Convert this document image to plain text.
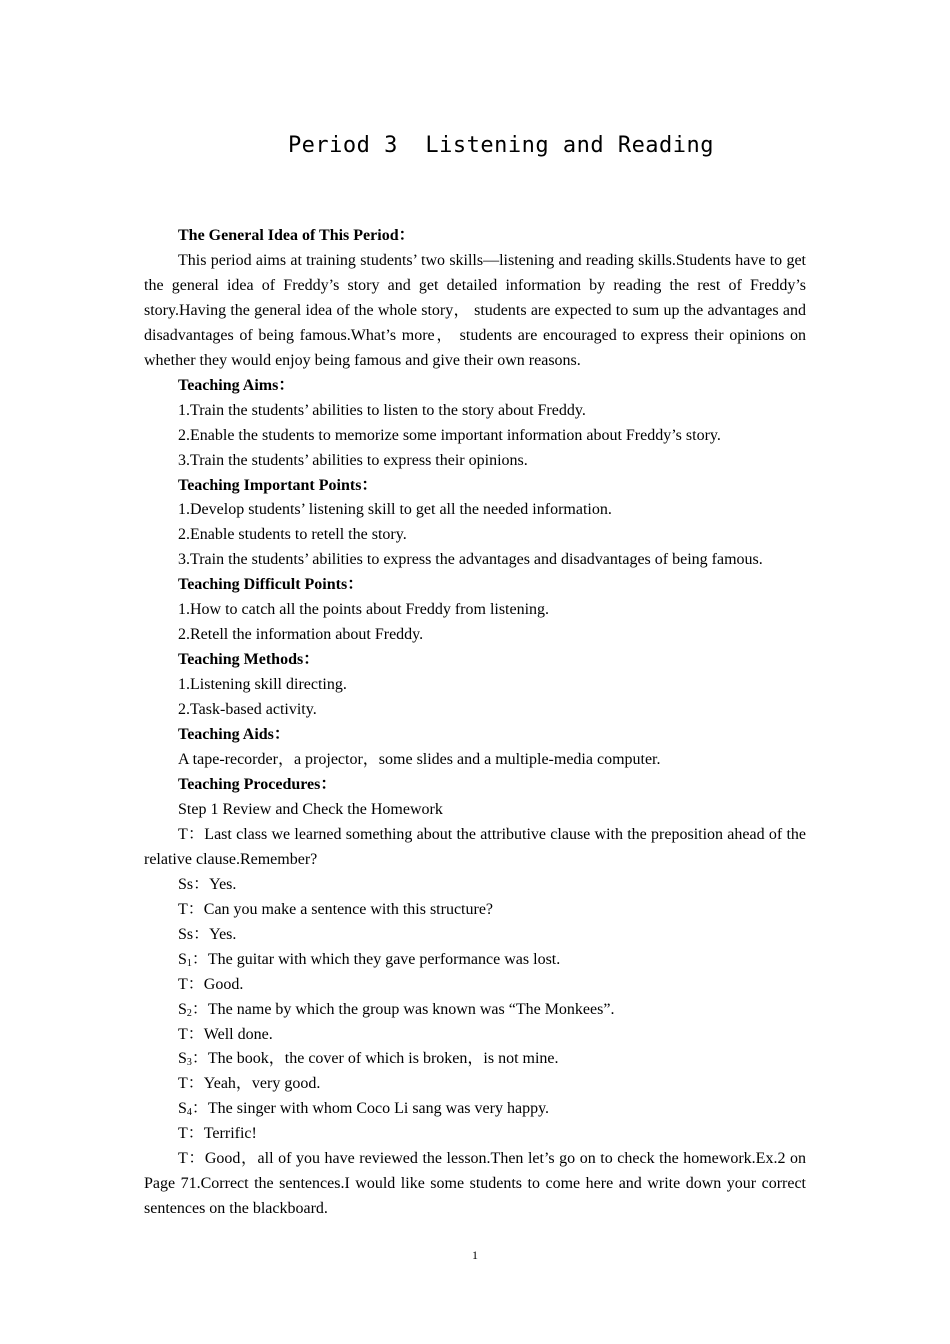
Period 3  Listening and Reading

The General Idea of This Period：

This period aims at training students’ two skills—listening and reading skills.Students have to get the general idea of Freddy’s story and get detailed information by reading the rest of Freddy’s story.Having the general idea of the whole story， students are expected to sum up the advantages and disadvantages of being famous.What’s more， students are encouraged to express their opinions on whether they would enjoy being famous and give their own reasons.

Teaching Aims：

1.Train the students’ abilities to listen to the story about Freddy.

2.Enable the students to memorize some important information about Freddy’s story.

3.Train the students’ abilities to express their opinions.

Teaching Important Points：

1.Develop students’ listening skill to get all the needed information.

2.Enable students to retell the story.

3.Train the students’ abilities to express the advantages and disadvantages of being famous.

Teaching Difficult Points：

1.How to catch all the points about Freddy from listening.

2.Retell the information about Freddy.

Teaching Methods：

1.Listening skill directing.

2.Task-based activity.

Teaching Aids：

A tape-recorder，a projector，some slides and a multiple-media computer.

Teaching Procedures：

Step 1 Review and Check the Homework

T：Last class we learned something about the attributive clause with the preposition ahead of the relative clause.Remember?

Ss：Yes.

T：Can you make a sentence with this structure?

Ss：Yes.

$S_1$：The guitar with which they gave performance was lost.

T：Good.

$S_2$：The name by which the group was known was “The Monkees”.

T：Well done.

$S_3$：The book，the cover of which is broken，is not mine.

T：Yeah，very good.

$S_4$：The singer with whom Coco Li sang was very happy.

T：Terrific!

T：Good，all of you have reviewed the lesson.Then let’s go on to check the homework.Ex.2 on Page 71.Correct the sentences.I would like some students to come here and write down your correct sentences on the blackboard.

1
